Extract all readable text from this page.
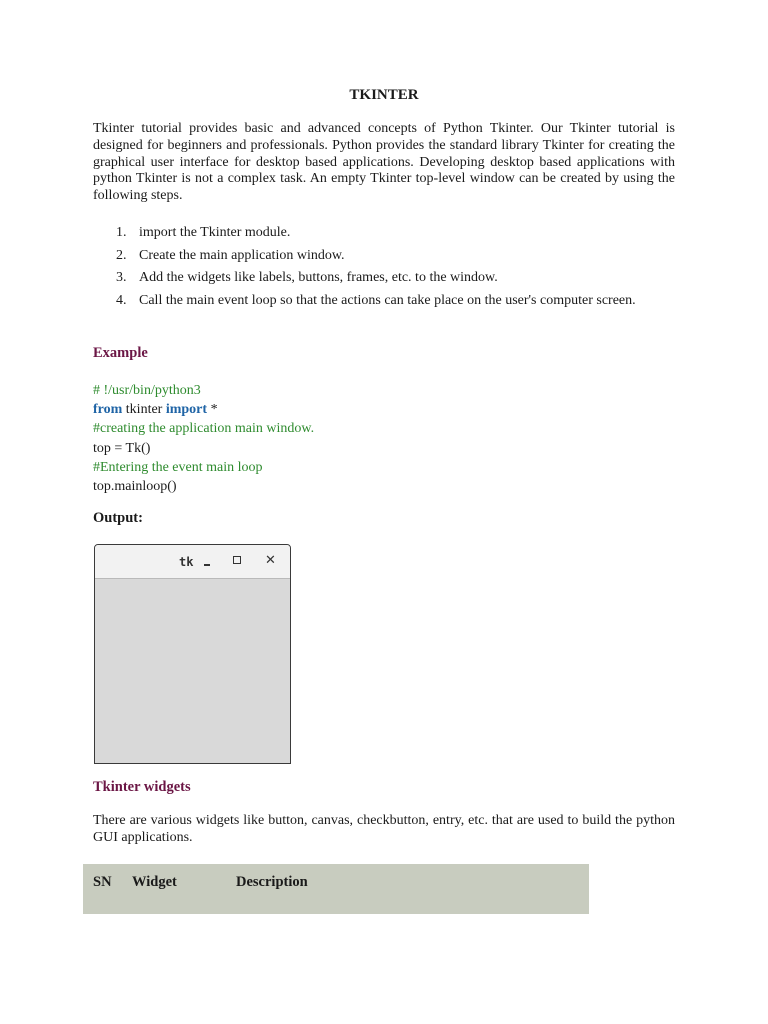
TKINTER

Tkinter tutorial provides basic and advanced concepts of Python Tkinter. Our Tkinter tutorial is designed for beginners and professionals. Python provides the standard library Tkinter for creating the graphical user interface for desktop based applications. Developing desktop based applications with python Tkinter is not a complex task. An empty Tkinter top-level window can be created by using the following steps.

1. import the Tkinter module.
2. Create the main application window.
3. Add the widgets like labels, buttons, frames, etc. to the window.
4. Call the main event loop so that the actions can take place on the user's computer screen.
Example
# !/usr/bin/python3
from tkinter import *
#creating the application main window.
top = Tk()
#Entering the event main loop
top.mainloop()
Output:
tk	✕
Tkinter widgets

There are various widgets like button, canvas, checkbutton, entry, etc. that are used to build the python GUI applications.

SN Widget	Description
